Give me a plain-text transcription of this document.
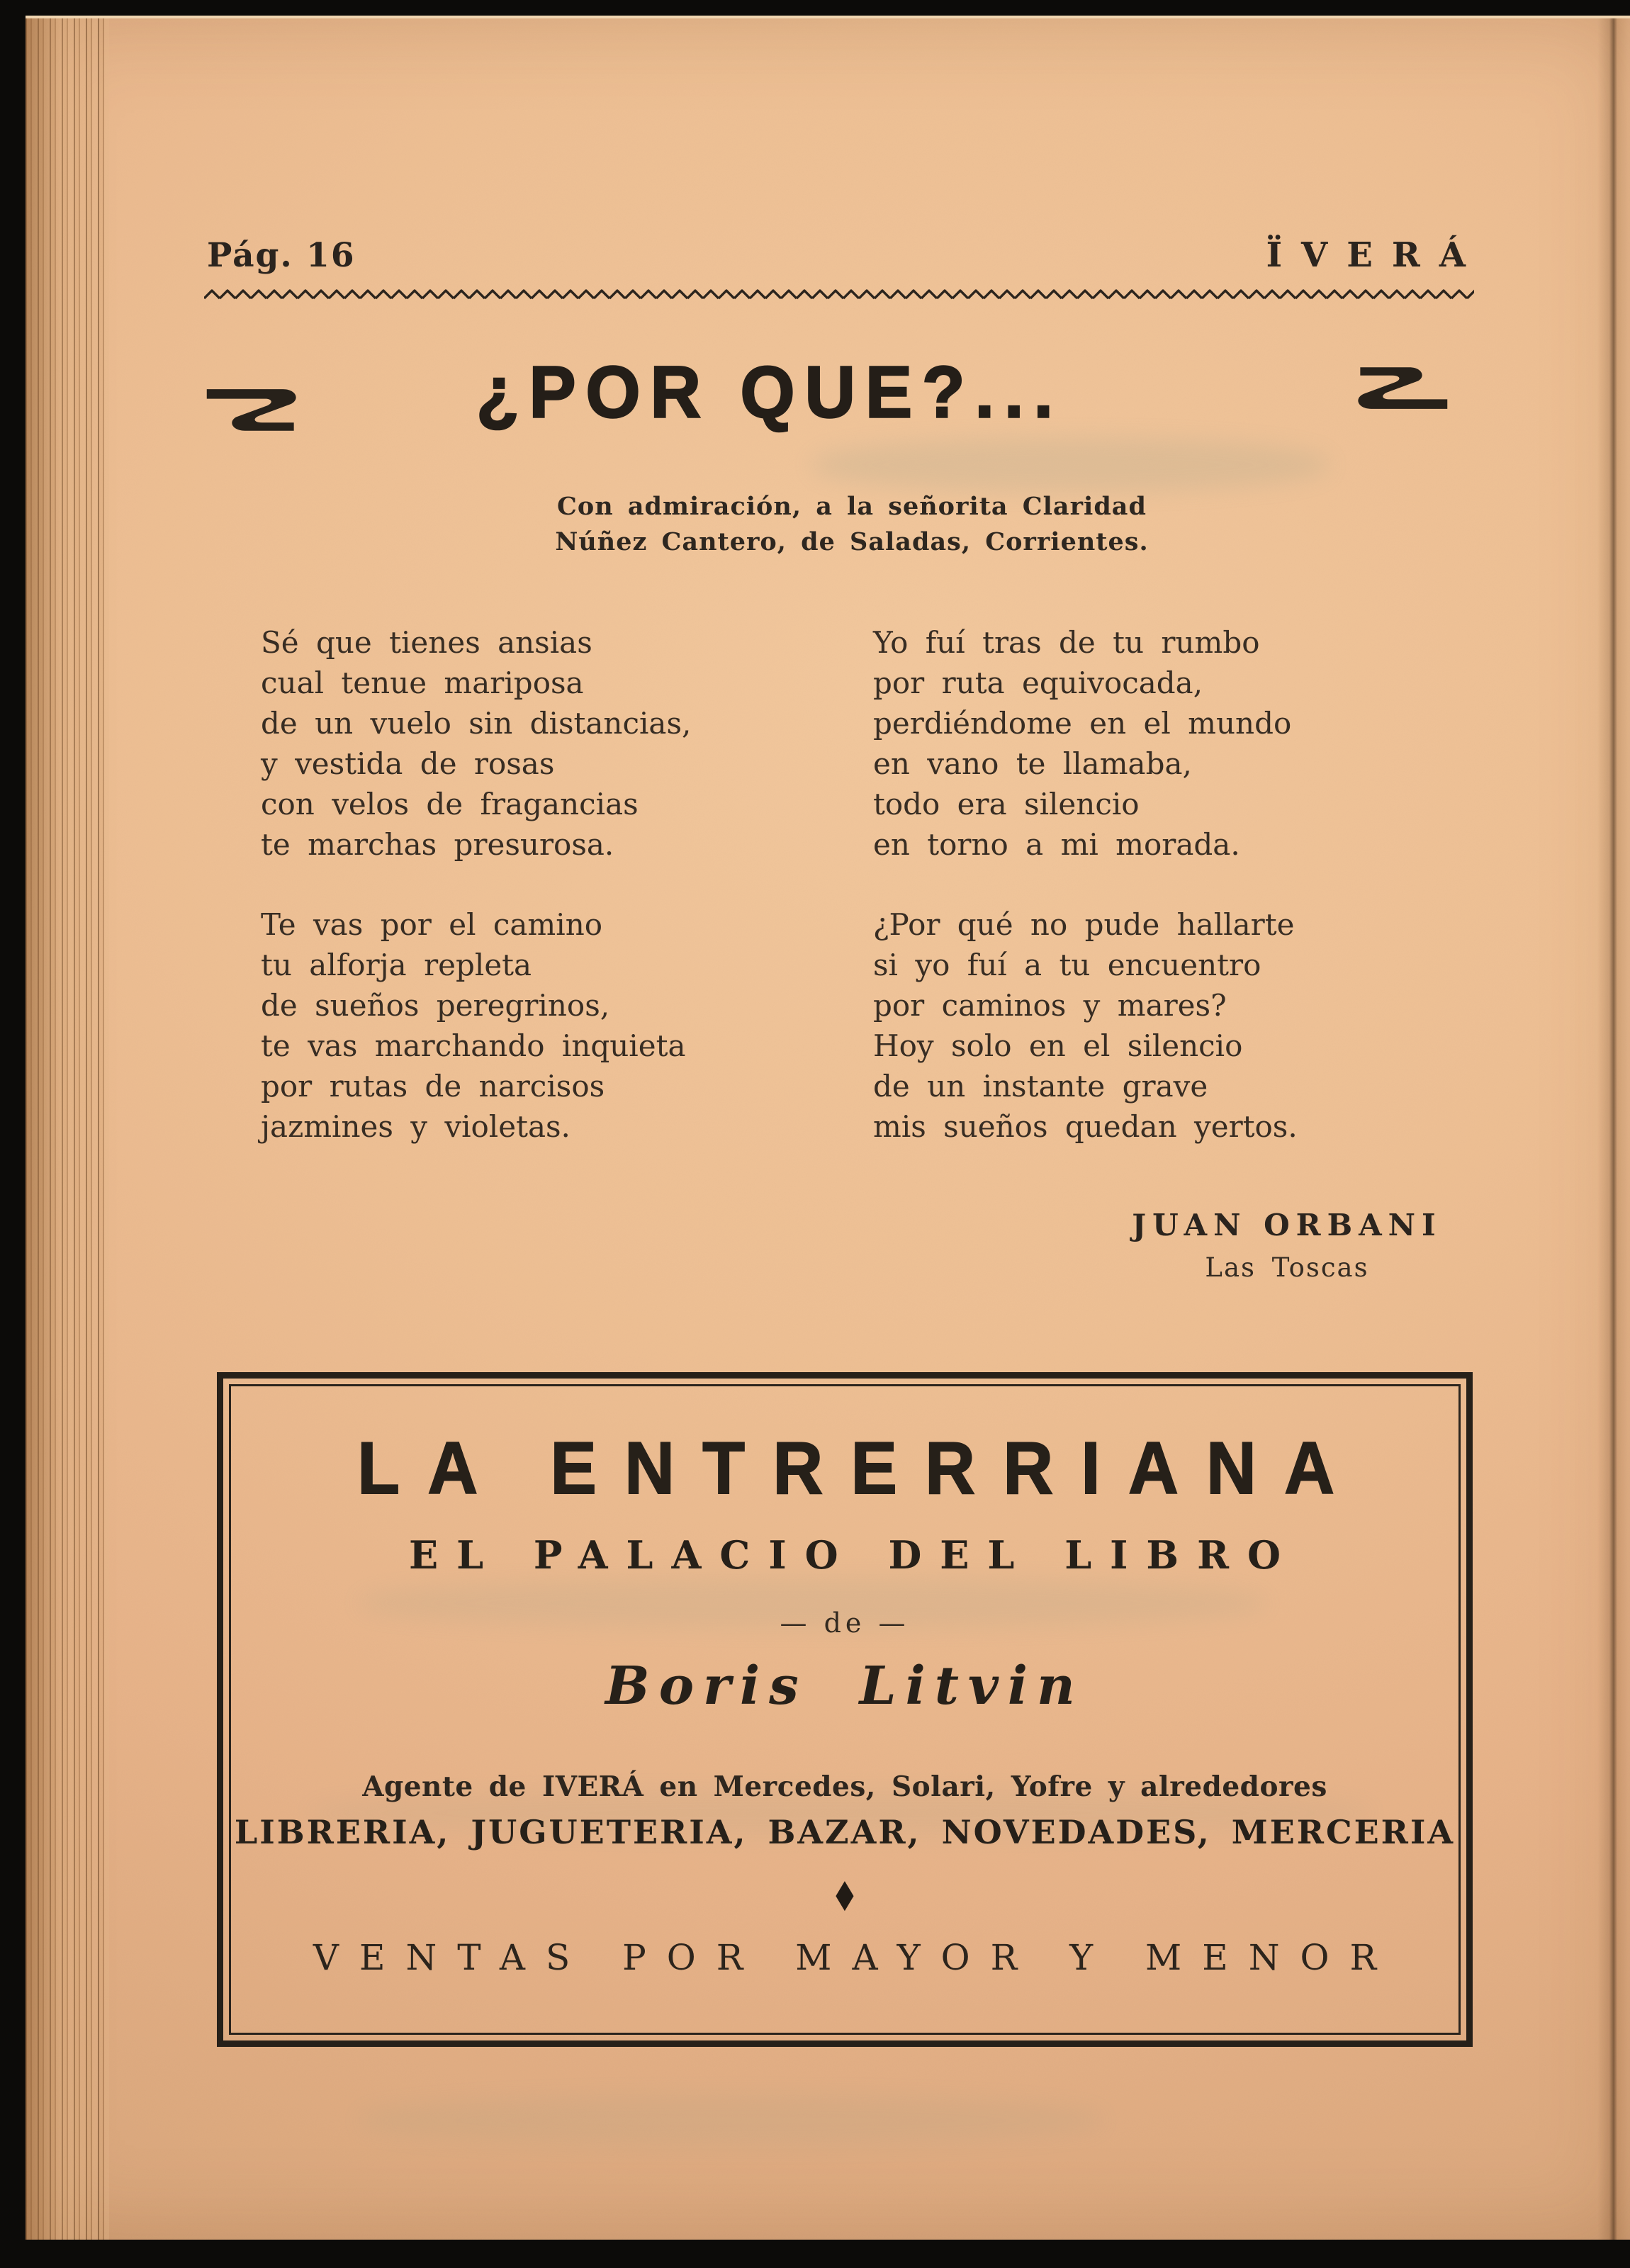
Pág. 16	ÏVERÁ
¿POR QUE?...
Con admiración, a la señorita Claridad
Núñez Cantero, de Saladas, Corrientes.
Sé que tienes ansias
cual tenue mariposa
de un vuelo sin distancias,
y vestida de rosas
con velos de fragancias
te marchas presurosa.
Te vas por el camino
tu alforja repleta
de sueños peregrinos,
te vas marchando inquieta
por rutas de narcisos
jazmines y violetas.
Yo fuí tras de tu rumbo
por ruta equivocada,
perdiéndome en el mundo
en vano te llamaba,
todo era silencio
en torno a mi morada.
¿Por qué no pude hallarte
si yo fuí a tu encuentro
por caminos y mares?
Hoy solo en el silencio
de un instante grave
mis sueños quedan yertos.
JUAN ORBANI
Las Toscas
LA ENTRERRIANA
EL PALACIO DEL LIBRO
— de —
Boris Litvin
Agente de IVERÁ en Mercedes, Solari, Yofre y alrededores
LIBRERIA, JUGUETERIA, BAZAR, NOVEDADES, MERCERIA
◆
VENTAS POR MAYOR Y MENOR
